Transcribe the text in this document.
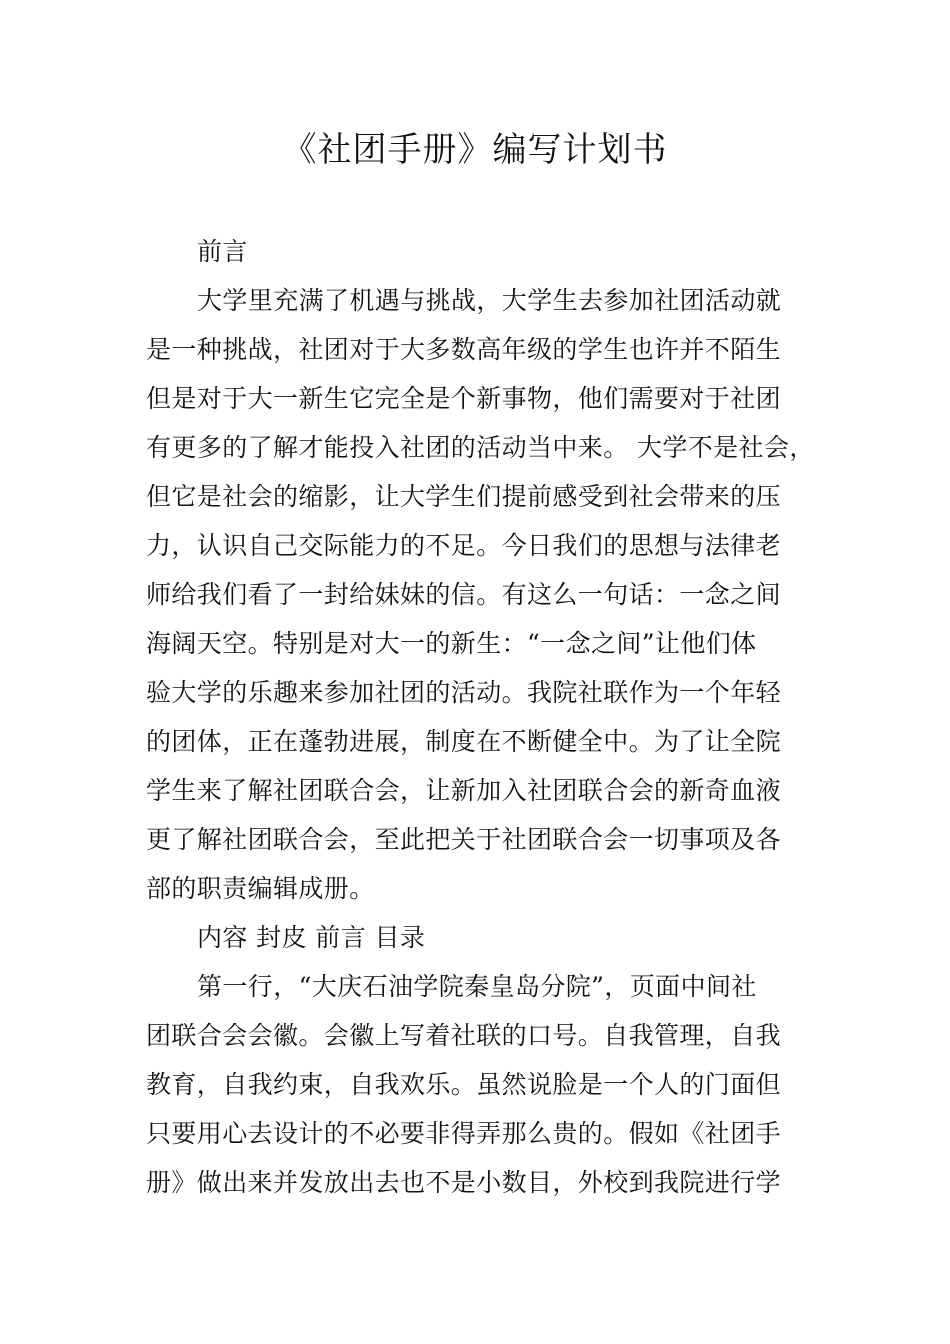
《社团手册》编写计划书
前言
大学里充满了机遇与挑战，大学生去参加社团活动就
是一种挑战，社团对于大多数高年级的学生也许并不陌生
但是对于大一新生它完全是个新事物，他们需要对于社团
有更多的了解才能投入社团的活动当中来。 大学不是社会，
但它是社会的缩影，让大学生们提前感受到社会带来的压
力，认识自己交际能力的不足。今日我们的思想与法律老
师给我们看了一封给妹妹的信。有这么一句话：一念之间
海阔天空。特别是对大一的新生：“一念之间”让他们体
验大学的乐趣来参加社团的活动。我院社联作为一个年轻
的团体，正在蓬勃进展，制度在不断健全中。为了让全院
学生来了解社团联合会，让新加入社团联合会的新奇血液
更了解社团联合会，至此把关于社团联合会一切事项及各
部的职责编辑成册。
内容 封皮 前言 目录
第一行，“大庆石油学院秦皇岛分院”，页面中间社
团联合会会徽。会徽上写着社联的口号。自我管理，自我
教育，自我约束，自我欢乐。虽然说脸是一个人的门面但
只要用心去设计的不必要非得弄那么贵的。假如《社团手
册》做出来并发放出去也不是小数目，外校到我院进行学
